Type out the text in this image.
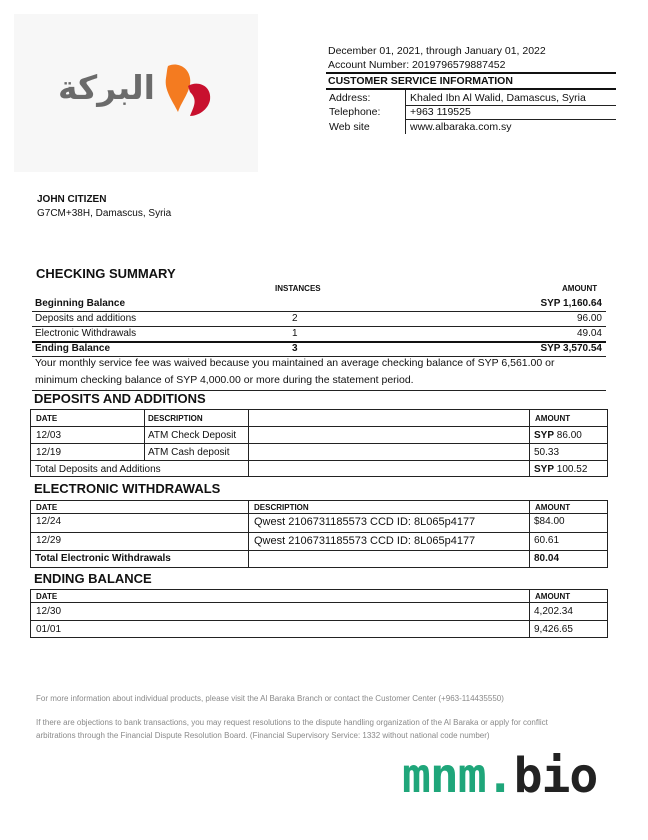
البركة
December 01, 2021, through January 01, 2022
Account Number: 2019796579887452
CUSTOMER SERVICE INFORMATION
Address:	Khaled Ibn Al Walid, Damascus, Syria
Telephone:	+963 119525
Web site	www.albaraka.com.sy
JOHN CITIZEN
G7CM+38H, Damascus, Syria
CHECKING SUMMARY
INSTANCES	AMOUNT
Beginning Balance	SYP 1,160.64
Deposits and additions	2	96.00
Electronic Withdrawals	1	49.04
Ending Balance	3	SYP 3,570.54
Your monthly service fee was waived because you maintained an average checking balance of SYP 6,561.00 or
minimum checking balance of SYP 4,000.00 or more during the statement period.
DEPOSITS AND ADDITIONS
DATE	DESCRIPTION	AMOUNT
12/03	ATM Check Deposit	SYP 86.00
12/19	ATM Cash deposit	50.33
Total Deposits and Additions	SYP 100.52
ELECTRONIC WITHDRAWALS
DATE	DESCRIPTION	AMOUNT
12/24	Qwest 2106731185573 CCD ID: 8L065p4177	$84.00
12/29	Qwest 2106731185573 CCD ID: 8L065p4177	60.61
Total Electronic Withdrawals	80.04
ENDING BALANCE
DATE	AMOUNT
12/30	4,202.34
01/01	9,426.65
For more information about individual products, please visit the Al Baraka Branch or contact the Customer Center (+963-114435550)
If there are objections to bank transactions, you may request resolutions to the dispute handling organization of the Al Baraka or apply for conflict
arbitrations through the Financial Dispute Resolution Board. (Financial Supervisory Service: 1332 without national code number)
mnm.bio
